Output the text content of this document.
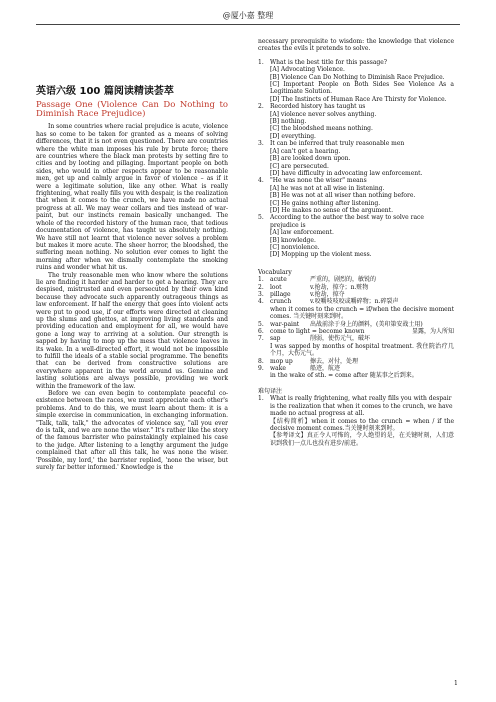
@厦小嘉 整理

英语六级 100 篇阅读精读荟萃

Passage One (Violence Can Do Nothing to Diminish Race Prejudice)

In some countries where racial prejudice is acute, violence has so come to be taken for granted as a means of solving differences, that it is not even questioned. There are countries where the white man imposes his rule by brute force; there are countries where the black man protests by setting fire to cities and by looting and pillaging. Important people on both sides, who would in other respects appear to be reasonable men, get up and calmly argue in favor of violence – as if it were a legitimate solution, like any other. What is really frightening, what really fills you with despair, is the realization that when it comes to the crunch, we have made no actual progress at all. We may wear collars and ties instead of war-paint, but our instincts remain basically unchanged. The whole of the recorded history of the human race, that tedious documentation of violence, has taught us absolutely nothing. We have still not learnt that violence never solves a problem but makes it more acute. The sheer horror, the bloodshed, the suffering mean nothing. No solution ever comes to light the morning after when we dismally contemplate the smoking ruins and wonder what hit us.

The truly reasonable men who know where the solutions lie are finding it harder and harder to get a hearing. They are despised, mistrusted and even persecuted by their own kind because they advocate such apparently outrageous things as law enforcement. If half the energy that goes into violent acts were put to good use, if our efforts were directed at cleaning up the slums and ghettos, at improving living standards and providing education and employment for all, we would have gone a long way to arriving at a solution. Our strength is sapped by having to mop up the mess that violence leaves in its wake. In a well-directed effort, it would not be impossible to fulfill the ideals of a stable social programme. The benefits that can be derived from constructive solutions are everywhere apparent in the world around us. Genuine and lasting solutions are always possible, providing we work within the framework of the law.

Before we can even begin to contemplate peaceful co-existence between the races, we must appreciate each other's problems. And to do this, we must learn about them: it is a simple exercise in communication, in exchanging information. "Talk, talk, talk," the advocates of violence say, "all you ever do is talk, and we are none the wiser." It's rather like the story of the famous barrister who painstakingly explained his case to the judge. After listening to a lengthy argument the judge complained that after all this talk, he was none the wiser. 'Possible, my lord,' the barrister replied, 'none the wiser, but surely far better informed.' Knowledge is the

necessary prerequisite to wisdom: the knowledge that violence creates the evils it pretends to solve.

1.	What is the best title for this passage?

[A] Advocating Violence.

[B] Violence Can Do Nothing to Diminish Race Prejudice.

[C] Important People on Both Sides See Violence As a Legitimate Solution.

[D] The Instincts of Human Race Are Thirsty for Violence.

2.	Recorded history has taught us

[A] violence never solves anything.

[B] nothing.

[C] the bloodshed means nothing.

[D] everything.

3.	It can be inferred that truly reasonable men

[A] can't get a hearing.

[B] are looked down upon.

[C] are persecuted.

[D] have difficulty in advocating law enforcement.

4.	"He was none the wiser" means

[A] he was not at all wise in listening.

[B] He was not at all wiser than nothing before.

[C] He gains nothing after listening.

[D] He makes no sense of the argument.

5.	According to the author the best way to solve race prejudice is

[A] law enforcement.

[B] knowledge.

[C] nonviolence.

[D] Mopping up the violent mess.

Vocabulary

1.	acute	严重的，剧烈的，敏锐的
2.	loot	v.抢劫，掠夺；n.赃物
3.	pillage	v.抢劫，掠夺
4.	crunch	v.咬嚼吱吱咬或嚼碎物；n.碎裂声

when it comes to the crunch = if/when the decisive moment comes. 当关键时刻来到时。

5.	war-paint	出战前涂于身上的颜料，(美印第安战士用)
6.	come to light = become known	显露，为人所知
7.	sap	削弱，使伤元气，破坏

I was sapped by months of hospital treatment. 我住院治疗几个月，大伤元气。

8.	mop up	擦去，对付，处理
9.	wake	船迹，航迹

in the wake of sth. = come after 随某事之后到来。

难句译注

1.	What is really frightening, what really fills you with despair is the realization that when it comes to the crunch, we have made no actual progress at all.

【结构简析】when it comes to the crunch = when / if the decisive moment comes.当关键时刻来到时。

【参考译文】真正令人可怖的，令人绝望的是，在关键时刻，人们意识到我们一点儿也没有进步/前进。

1
